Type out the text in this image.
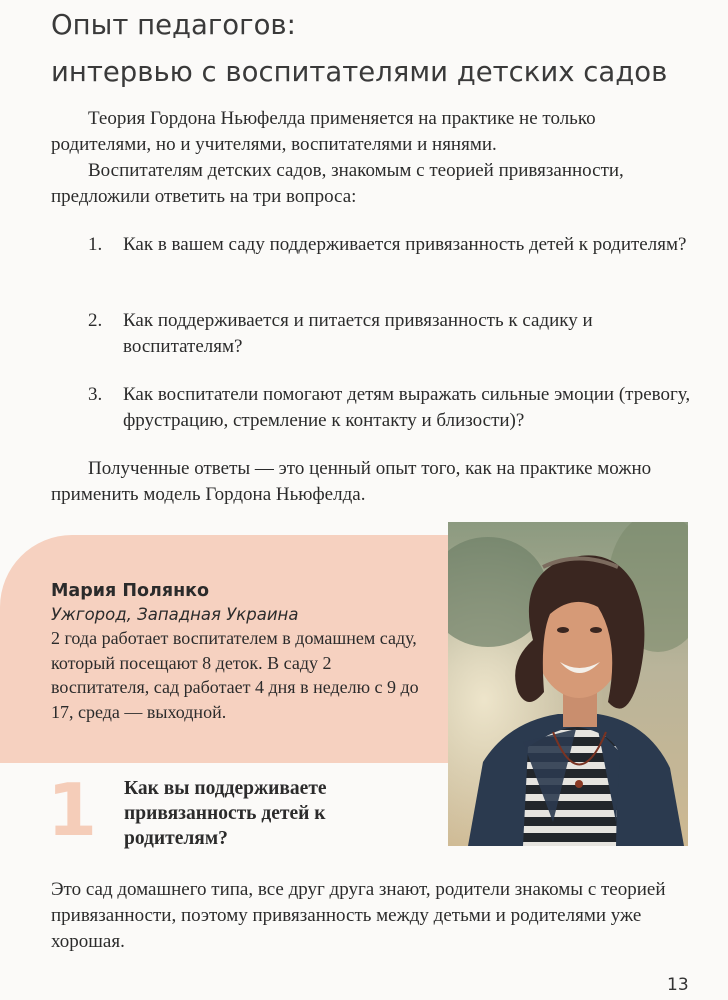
Опыт педагогов:
интервью с воспитателями детских садов

Теория Гордона Ньюфелда применяется на практике не только родителями, но и учителями, воспитателями и нянями.

Воспитателям детских садов, знакомым с теорией привязанности, предложили ответить на три вопроса:

1.	Как в вашем саду поддерживается привязанность детей к родителям?
2.	Как поддерживается и питается привязанность к садику и воспитателям?
3.	Как воспитатели помогают детям выражать сильные эмоции (тревогу, фрустрацию, стремление к контакту и близости)?

Полученные ответы — это ценный опыт того, как на практике можно применить модель Гордона Ньюфелда.

Мария Полянко

Ужгород, Западная Украина

2 года работает воспитателем в домашнем саду, который посещают 8 деток. В саду 2 воспитателя, сад работает 4 дня в неделю с 9 до 17, среда — выходной.

1 Как вы поддерживаете привязанность детей к родителям?

Это сад домашнего типа, все друг друга знают, родители знакомы с теорией привязанности, поэтому привязанность между детьми и родителями уже хорошая.

13
